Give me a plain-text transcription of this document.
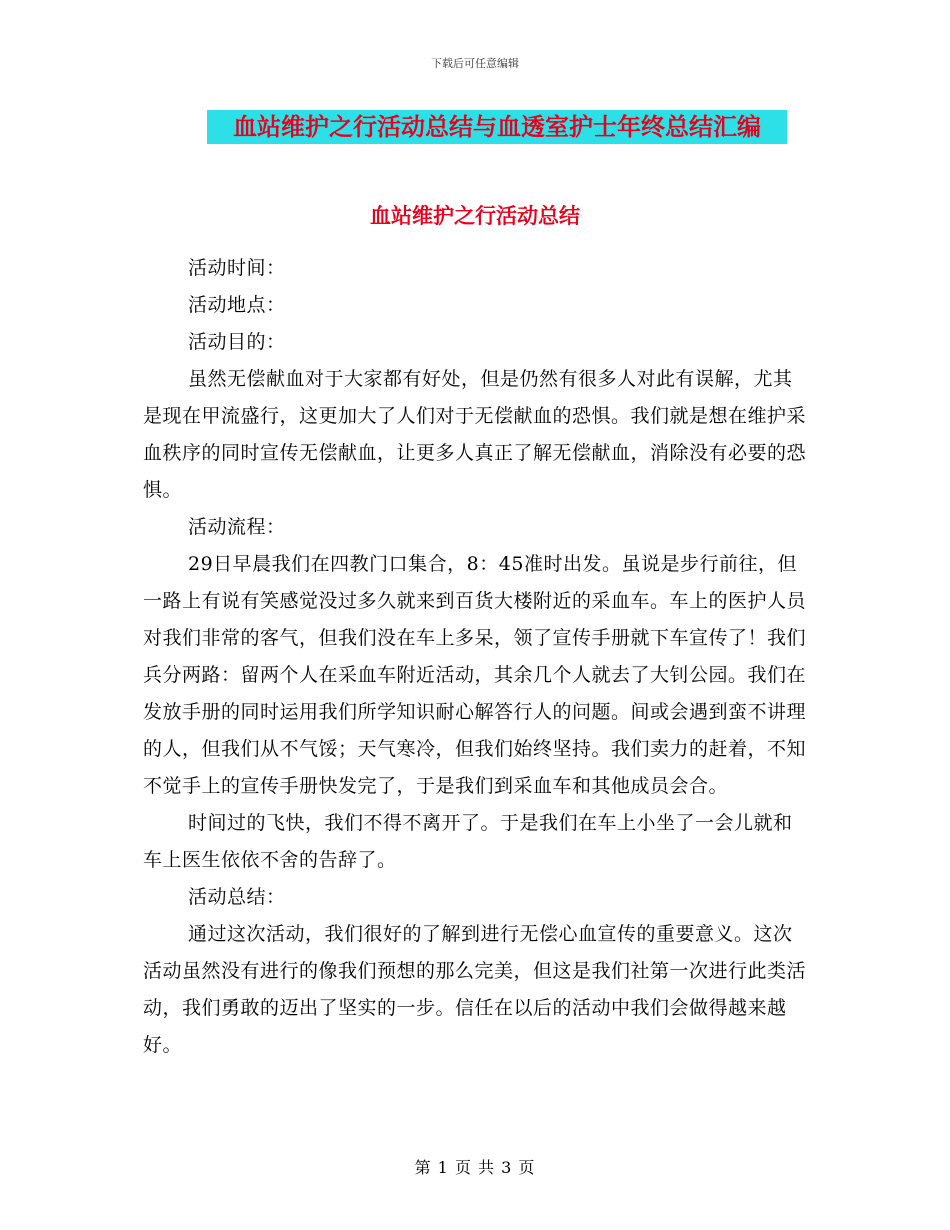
下载后可任意编辑
血站维护之行活动总结与血透室护士年终总结汇编
血站维护之行活动总结

活动时间：

活动地点：

活动目的：

虽然无偿献血对于大家都有好处，但是仍然有很多人对此有误解，尤其是现在甲流盛行，这更加大了人们对于无偿献血的恐惧。我们就是想在维护采血秩序的同时宣传无偿献血，让更多人真正了解无偿献血，消除没有必要的恐惧。

活动流程：

29日早晨我们在四教门口集合，8：45准时出发。虽说是步行前往，但一路上有说有笑感觉没过多久就来到百货大楼附近的采血车。车上的医护人员对我们非常的客气，但我们没在车上多呆，领了宣传手册就下车宣传了！我们兵分两路：留两个人在采血车附近活动，其余几个人就去了大钊公园。我们在发放手册的同时运用我们所学知识耐心解答行人的问题。间或会遇到蛮不讲理的人，但我们从不气馁；天气寒冷，但我们始终坚持。我们卖力的赶着，不知不觉手上的宣传手册快发完了，于是我们到采血车和其他成员会合。

时间过的飞快，我们不得不离开了。于是我们在车上小坐了一会儿就和车上医生依依不舍的告辞了。

活动总结：

通过这次活动，我们很好的了解到进行无偿心血宣传的重要意义。这次活动虽然没有进行的像我们预想的那么完美，但这是我们社第一次进行此类活动，我们勇敢的迈出了坚实的一步。信任在以后的活动中我们会做得越来越好。

第 1 页 共 3 页
